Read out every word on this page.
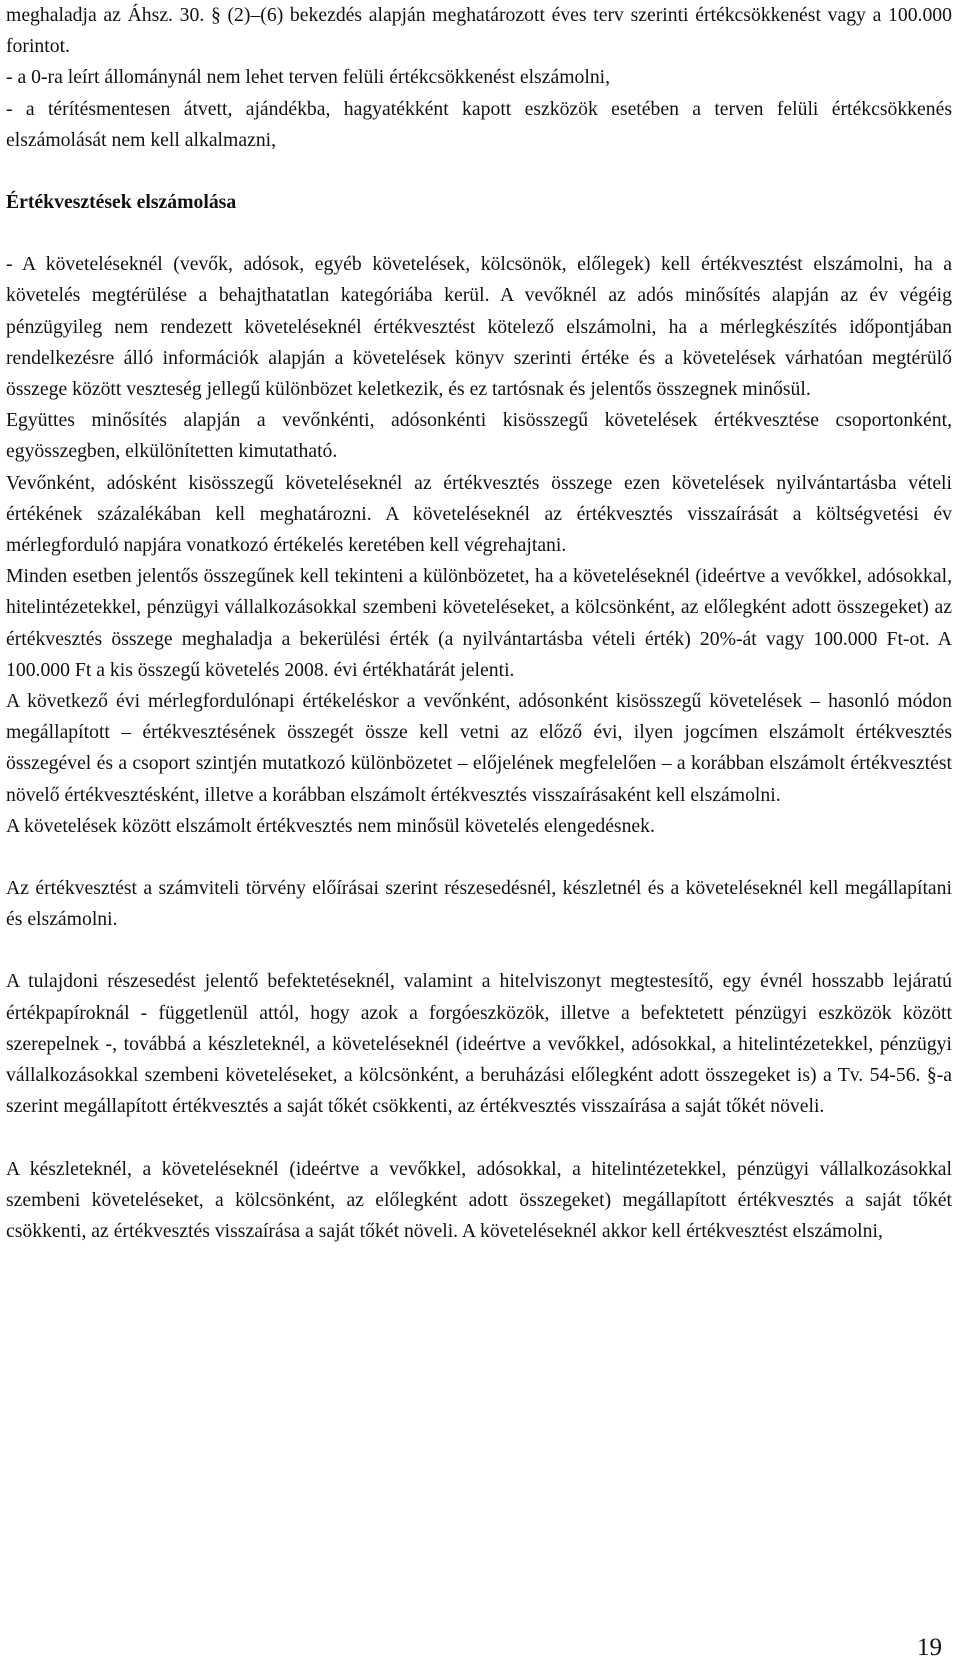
meghaladja az Áhsz. 30. § (2)–(6) bekezdés alapján meghatározott éves terv szerinti értékcsökkenést vagy a 100.000 forintot.

- a 0-ra leírt állománynál nem lehet terven felüli értékcsökkenést elszámolni,

- a térítésmentesen átvett, ajándékba, hagyatékként kapott eszközök esetében a terven felüli értékcsökkenés elszámolását nem kell alkalmazni,

Értékvesztések elszámolása

- A követeléseknél (vevők, adósok, egyéb követelések, kölcsönök, előlegek) kell értékvesztést elszámolni, ha a követelés megtérülése a behajthatatlan kategóriába kerül. A vevőknél az adós minősítés alapján az év végéig pénzügyileg nem rendezett követeléseknél értékvesztést kötelező elszámolni, ha a mérlegkészítés időpontjában rendelkezésre álló információk alapján a követelések könyv szerinti értéke és a követelések várhatóan megtérülő összege között veszteség jellegű különbözet keletkezik, és ez tartósnak és jelentős összegnek minősül.

Együttes minősítés alapján a vevőnkénti, adósonkénti kisösszegű követelések értékvesztése csoportonként, egyösszegben, elkülönítetten kimutatható.

Vevőnként, adósként kisösszegű követeléseknél az értékvesztés összege ezen követelések nyilvántartásba vételi értékének százalékában kell meghatározni. A követeléseknél az értékvesztés visszaírását a költségvetési év mérlegforduló napjára vonatkozó értékelés keretében kell végrehajtani.

Minden esetben jelentős összegűnek kell tekinteni a különbözetet, ha a követeléseknél (ideértve a vevőkkel, adósokkal, hitelintézetekkel, pénzügyi vállalkozásokkal szembeni követeléseket, a kölcsönként, az előlegként adott összegeket) az értékvesztés összege meghaladja a bekerülési érték (a nyilvántartásba vételi érték) 20%-át vagy 100.000 Ft-ot. A 100.000 Ft a kis összegű követelés 2008. évi értékhatárát jelenti.

A következő évi mérlegfordulónapi értékeléskor a vevőnként, adósonként kisösszegű követelések – hasonló módon megállapított – értékvesztésének összegét össze kell vetni az előző évi, ilyen jogcímen elszámolt értékvesztés összegével és a csoport szintjén mutatkozó különbözetet – előjelének megfelelően – a korábban elszámolt értékvesztést növelő értékvesztésként, illetve a korábban elszámolt értékvesztés visszaírásaként kell elszámolni.

A követelések között elszámolt értékvesztés nem minősül követelés elengedésnek.

Az értékvesztést a számviteli törvény előírásai szerint részesedésnél, készletnél és a követeléseknél kell megállapítani és elszámolni.

A tulajdoni részesedést jelentő befektetéseknél, valamint a hitelviszonyt megtestesítő, egy évnél hosszabb lejáratú értékpapíroknál - függetlenül attól, hogy azok a forgóeszközök, illetve a befektetett pénzügyi eszközök között szerepelnek -, továbbá a készleteknél, a követeléseknél (ideértve a vevőkkel, adósokkal, a hitelintézetekkel, pénzügyi vállalkozásokkal szembeni követeléseket, a kölcsönként, a beruházási előlegként adott összegeket is) a Tv. 54-56. §-a szerint megállapított értékvesztés a saját tőkét csökkenti, az értékvesztés visszaírása a saját tőkét növeli.

A készleteknél, a követeléseknél (ideértve a vevőkkel, adósokkal, a hitelintézetekkel, pénzügyi vállalkozásokkal szembeni követeléseket, a kölcsönként, az előlegként adott összegeket) megállapított értékvesztés a saját tőkét csökkenti, az értékvesztés visszaírása a saját tőkét növeli. A követeléseknél akkor kell értékvesztést elszámolni,

19
